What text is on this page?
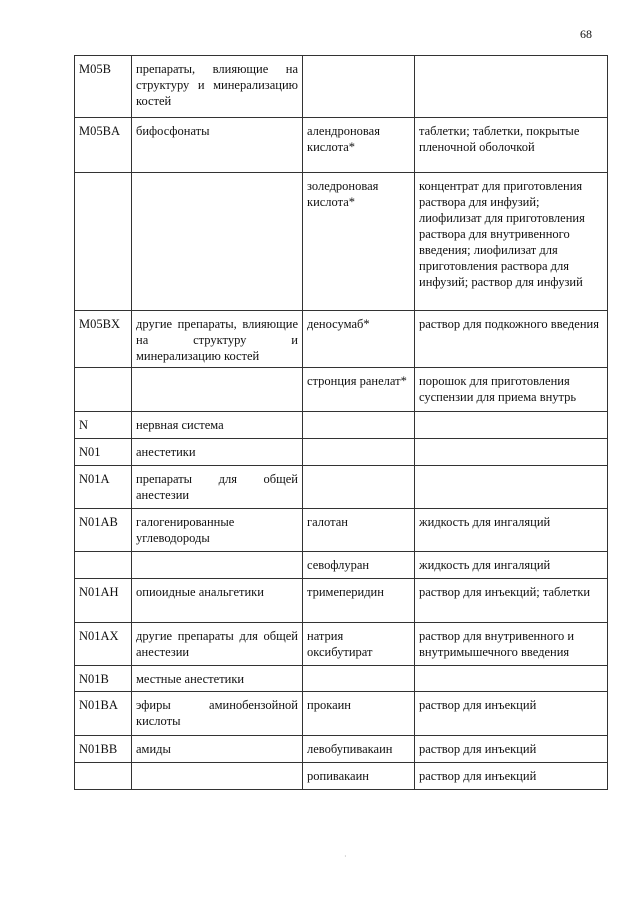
68
M05B	препараты, влияющие на структуру и минерализацию костей		
M05BA	бифосфонаты	алендроновая кислота*	таблетки; таблетки, покрытые пленочной оболочкой
		золедроновая кислота*	концентрат для приготовления раствора для инфузий; лиофилизат для приготовления раствора для внутривенного введения; лиофилизат для приготовления раствора для инфузий; раствор для инфузий
M05BX	другие препараты, влияющие на структуру и минерализацию костей	деносумаб*	раствор для подкожного введения
		стронция ранелат*	порошок для приготовления суспензии для приема внутрь
N	нервная система		
N01	анестетики		
N01A	препараты для общей анестезии		
N01AB	галогенированные углеводороды	галотан	жидкость для ингаляций
		севофлуран	жидкость для ингаляций
N01AH	опиоидные анальгетики	тримеперидин	раствор для инъекций; таблетки
N01AX	другие препараты для общей анестезии	натрия оксибутират	раствор для внутривенного и внутримышечного введения
N01B	местные анестетики		
N01BA	эфиры аминобензойной кислоты	прокаин	раствор для инъекций
N01BB	амиды	левобупивакаин	раствор для инъекций
		ропивакаин	раствор для инъекций
·
